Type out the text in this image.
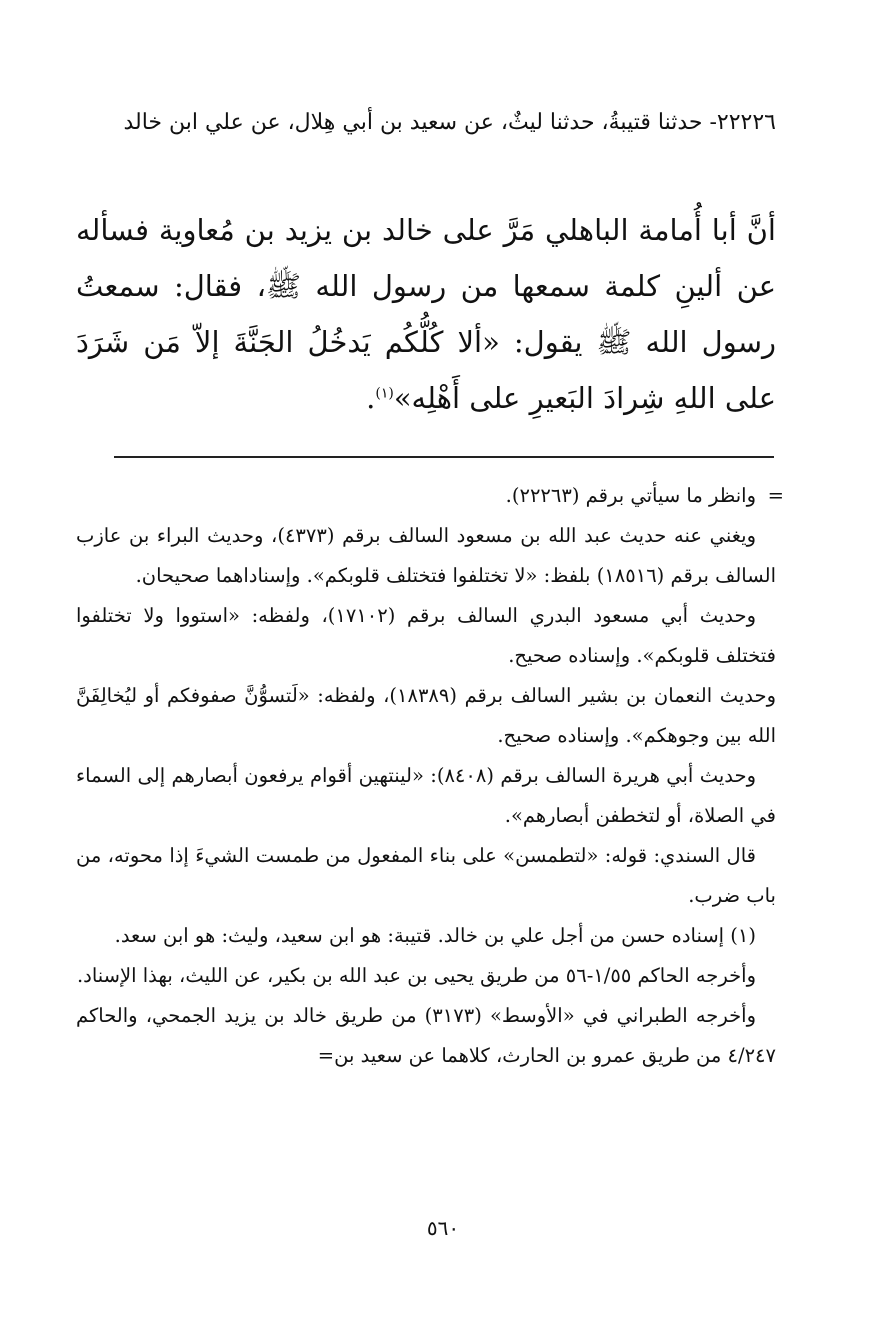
٢٢٢٢٦- حدثنا قتيبةُ، حدثنا ليثٌ، عن سعيد بن أبي هِلال، عن علي ابن خالد
أنَّ أبا أُمامة الباهلي مَرَّ على خالد بن يزيد بن مُعاوية فسأله عن ألينِ كلمة سمعها من رسول الله ﷺ، فقال: سمعتُ رسول الله ﷺ يقول: «ألا كُلُّكُم يَدخُلُ الجَنَّةَ إلاّ مَن شَرَدَ على اللهِ شِرادَ البَعيرِ على أَهْلِه»$^{(١)}$.

=
وانظر ما سيأتي برقم (٢٢٢٦٣).

ويغني عنه حديث عبد الله بن مسعود السالف برقم (٤٣٧٣)، وحديث البراء بن عازب السالف برقم (١٨٥١٦) بلفظ: «لا تختلفوا فتختلف قلوبكم». وإسناداهما صحيحان.

وحديث أبي مسعود البدري السالف برقم (١٧١٠٢)، ولفظه: «استووا ولا تختلفوا فتختلف قلوبكم». وإسناده صحيح.

وحديث النعمان بن بشير السالف برقم (١٨٣٨٩)، ولفظه: «لَتسوُّنَّ صفوفكم أو ليُخالِفَنَّ الله بين وجوهكم». وإسناده صحيح.

وحديث أبي هريرة السالف برقم (٨٤٠٨): «لينتهين أقوام يرفعون أبصارهم إلى السماء في الصلاة، أو لتخطفن أبصارهم».

قال السندي: قوله: «لتطمسن» على بناء المفعول من طمست الشيءَ إذا محوته، من باب ضرب.

(١) إسناده حسن من أجل علي بن خالد. قتيبة: هو ابن سعيد، وليث: هو ابن سعد.

وأخرجه الحاكم ١/٥٥-٥٦ من طريق يحيى بن عبد الله بن بكير، عن الليث، بهذا الإسناد.

وأخرجه الطبراني في «الأوسط» (٣١٧٣) من طريق خالد بن يزيد الجمحي، والحاكم ٤/٢٤٧ من طريق عمرو بن الحارث، كلاهما عن سعيد بن=

٥٦٠
